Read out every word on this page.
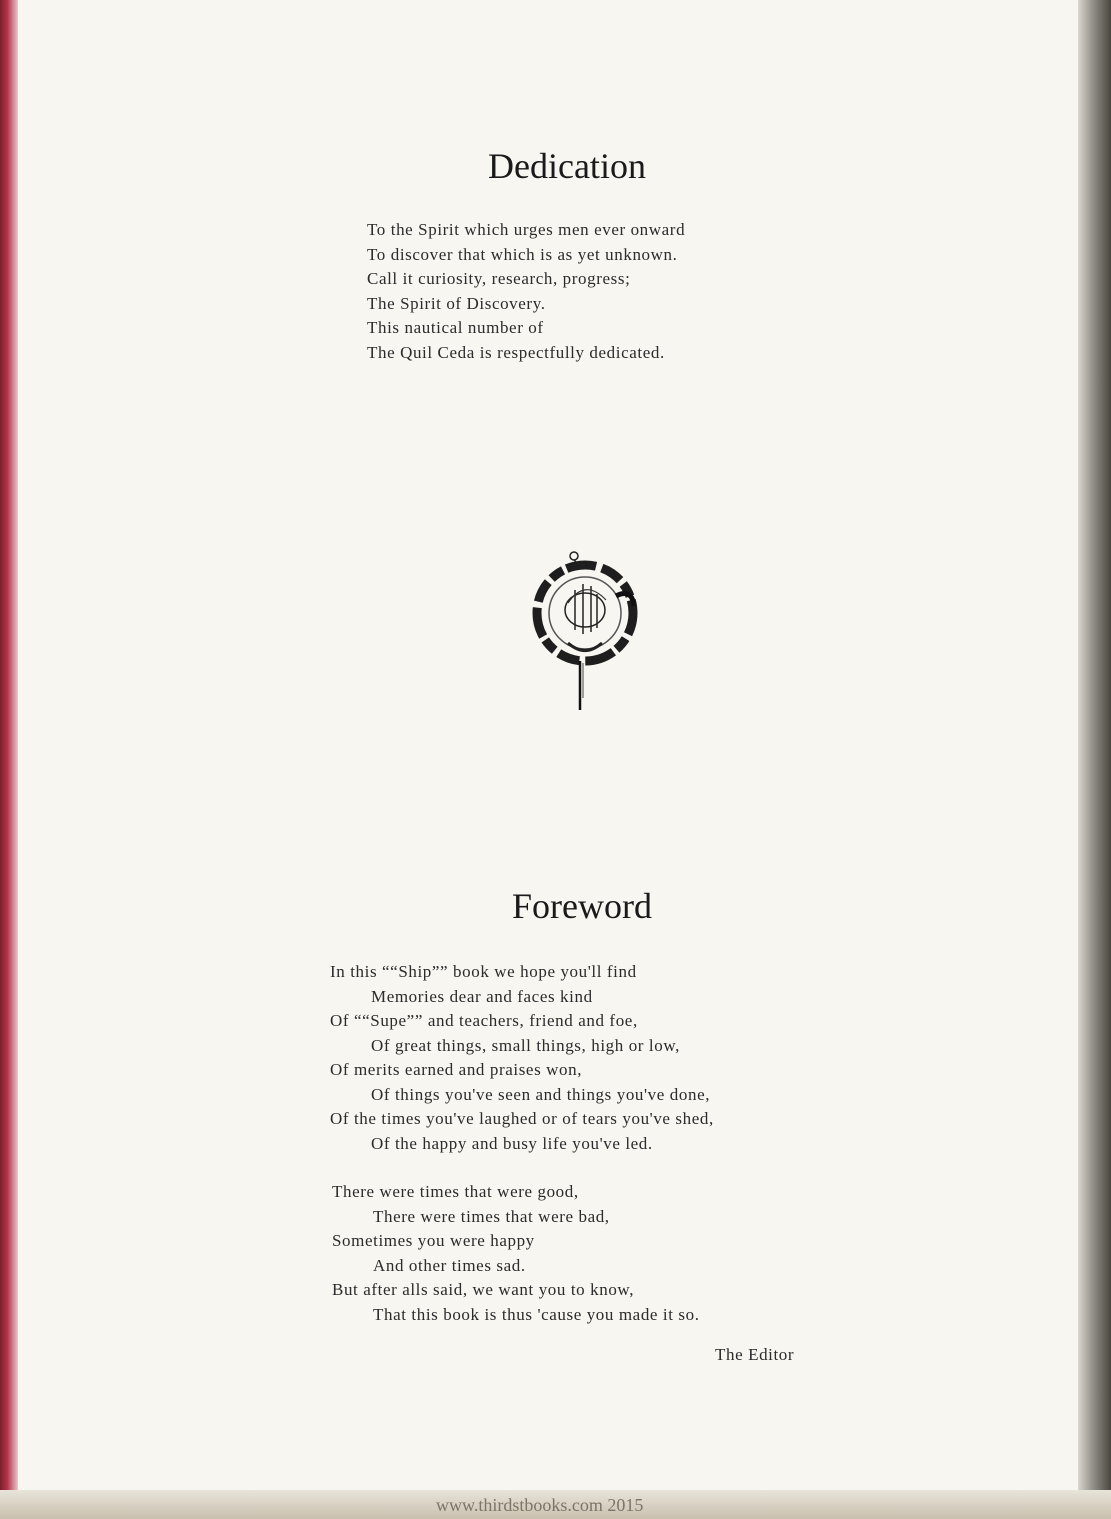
Dedication
To the Spirit which urges men ever onward
To discover that which is as yet unknown.
Call it curiosity, research, progress;
The Spirit of Discovery.
This nautical number of
The Quil Ceda is respectfully dedicated.
Foreword
In this ““Ship”” book we hope you'll find
Memories dear and faces kind
Of ““Supe”” and teachers, friend and foe,
Of great things, small things, high or low,
Of merits earned and praises won,
Of things you've seen and things you've done,
Of the times you've laughed or of tears you've shed,
Of the happy and busy life you've led.
There were times that were good,
There were times that were bad,
Sometimes you were happy
And other times sad.
But after alls said, we want you to know,
That this book is thus 'cause you made it so.

The Editor

www.thirdstbooks.com 2015
